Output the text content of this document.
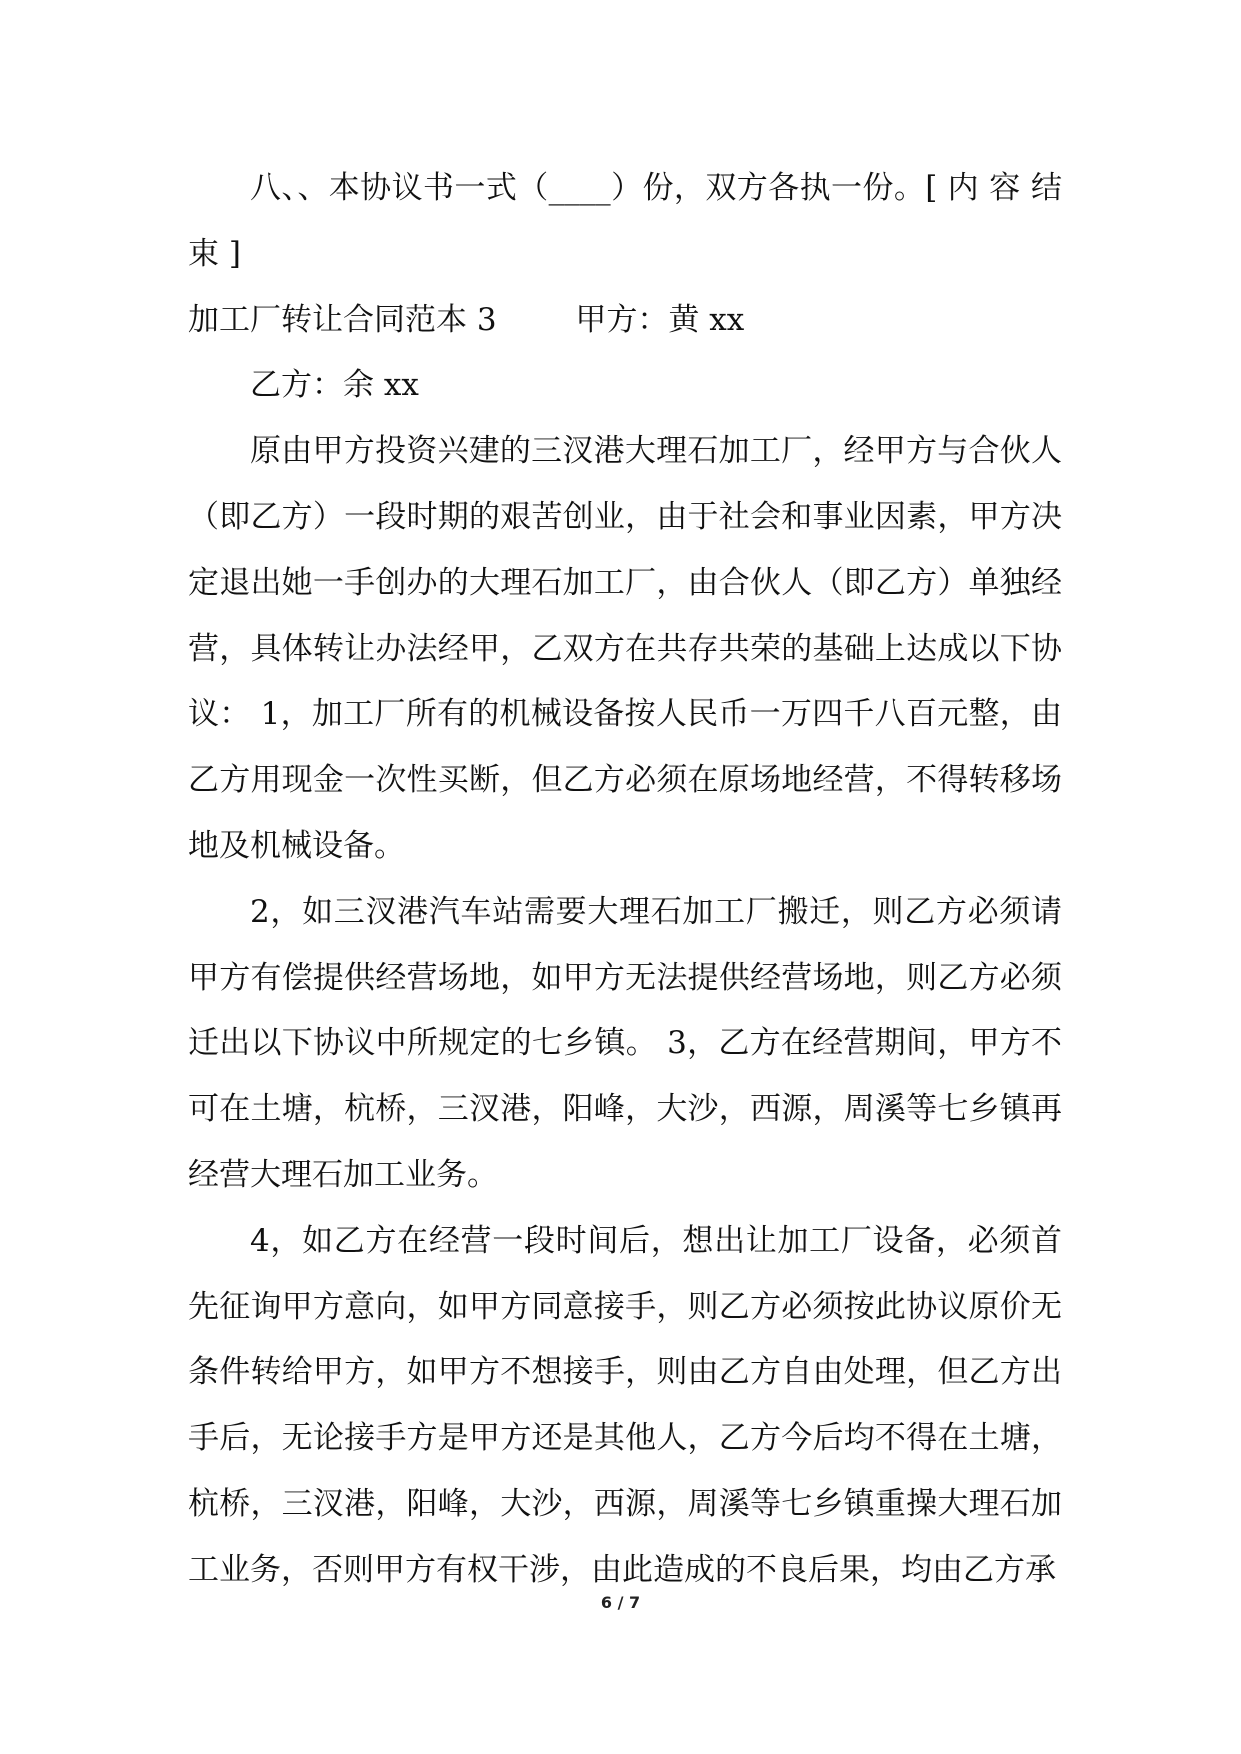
八、、本协议书一式（____）份，双方各执一份。[ 内 容 结 束 ]

加工厂转让合同范本 3	甲方：黄 xx

乙方：余 xx

原由甲方投资兴建的三汊港大理石加工厂，经甲方与合伙人（即乙方）一段时期的艰苦创业，由于社会和事业因素，甲方决定退出她一手创办的大理石加工厂，由合伙人（即乙方）单独经营，具体转让办法经甲，乙双方在共存共荣的基础上达成以下协议： 1，加工厂所有的机械设备按人民币一万四千八百元整，由乙方用现金一次性买断，但乙方必须在原场地经营，不得转移场地及机械设备。

2，如三汊港汽车站需要大理石加工厂搬迁，则乙方必须请甲方有偿提供经营场地，如甲方无法提供经营场地，则乙方必须迁出以下协议中所规定的七乡镇。 3，乙方在经营期间，甲方不可在土塘，杭桥，三汊港，阳峰，大沙，西源，周溪等七乡镇再经营大理石加工业务。

4，如乙方在经营一段时间后，想出让加工厂设备，必须首先征询甲方意向，如甲方同意接手，则乙方必须按此协议原价无条件转给甲方，如甲方不想接手，则由乙方自由处理，但乙方出手后，无论接手方是甲方还是其他人，乙方今后均不得在土塘，杭桥，三汊港，阳峰，大沙，西源，周溪等七乡镇重操大理石加工业务，否则甲方有权干涉，由此造成的不良后果，均由乙方承

6 / 7
